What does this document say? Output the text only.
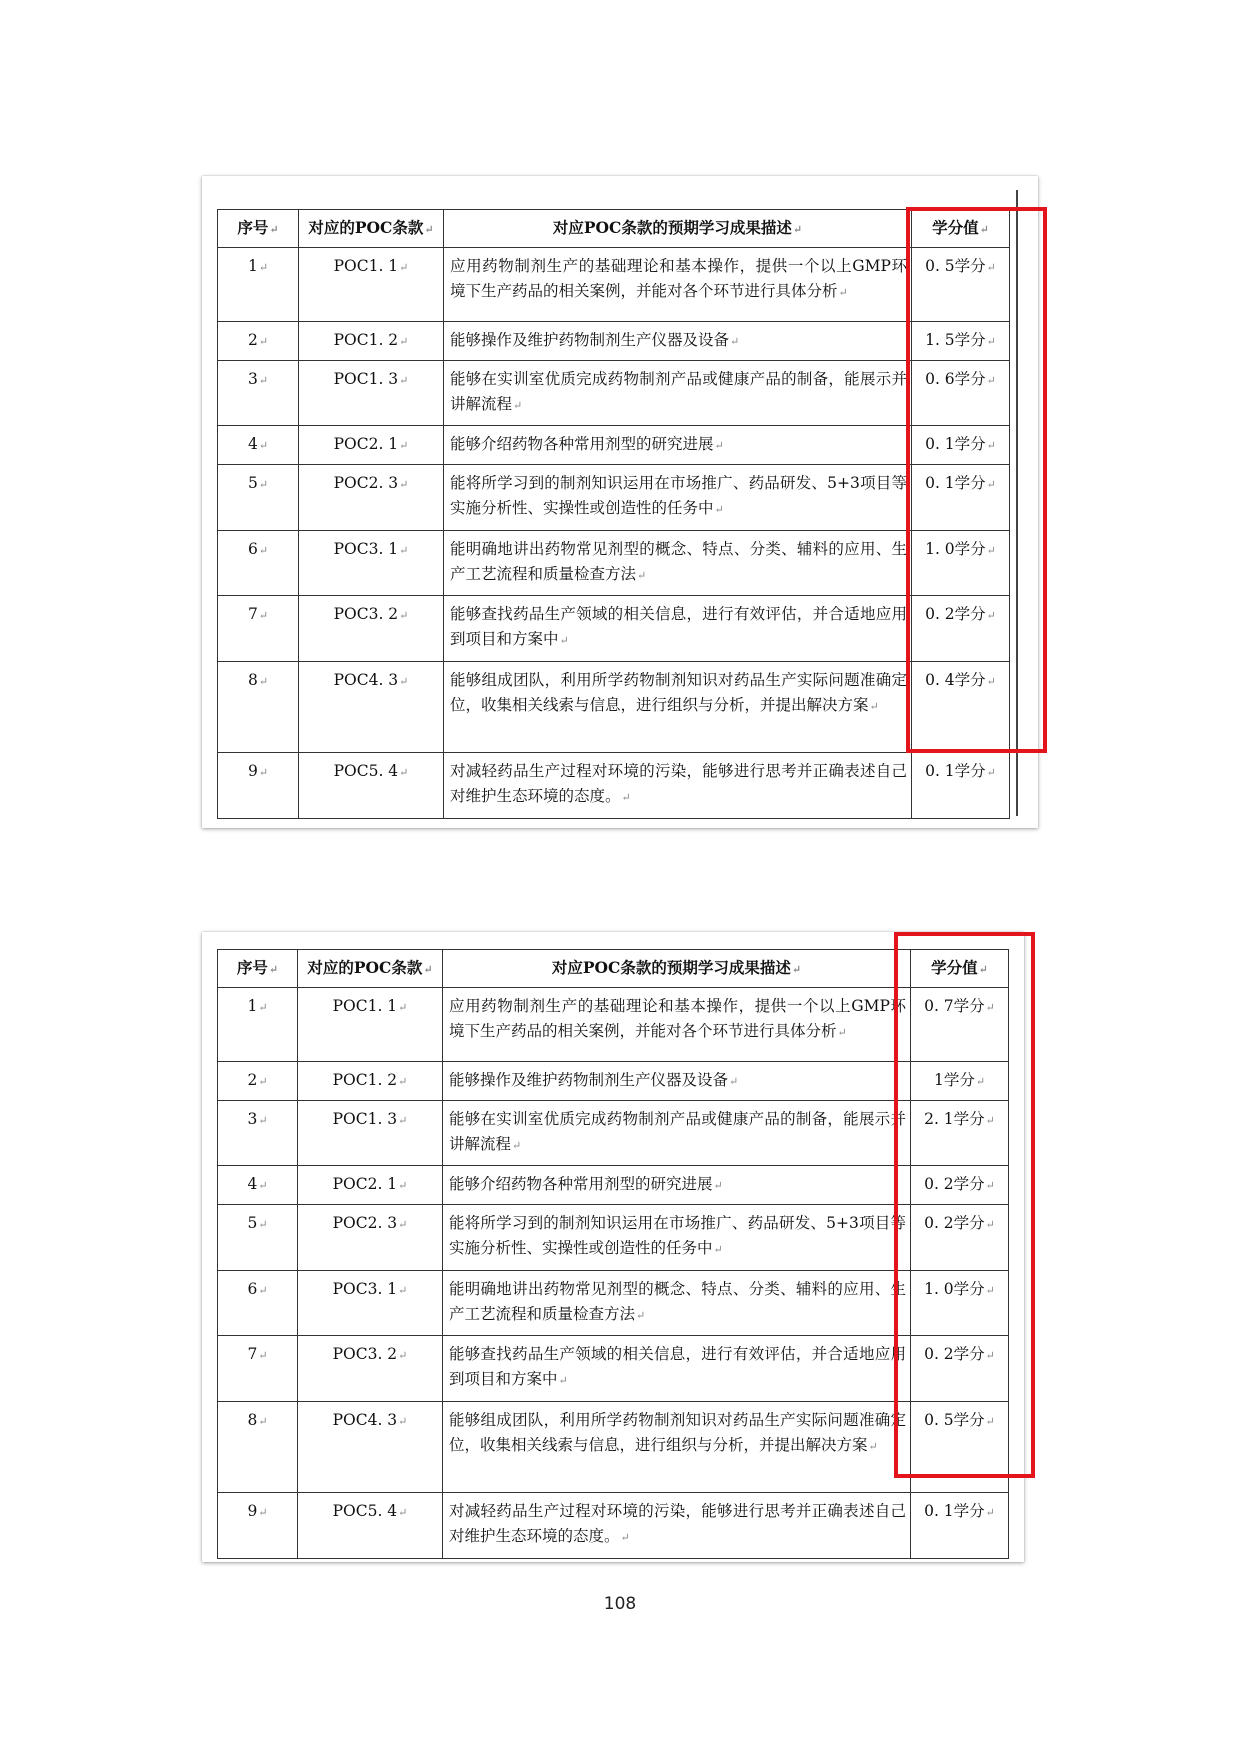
序号↵	对应的POC条款↵	对应POC条款的预期学习成果描述↵	学分值↵
1↵	POC1. 1↵	应用药物制剂生产的基础理论和基本操作，提供一个以上GMP环境下生产药品的相关案例，并能对各个环节进行具体分析↵	0. 5学分↵
2↵	POC1. 2↵	能够操作及维护药物制剂生产仪器及设备↵	1. 5学分↵
3↵	POC1. 3↵	能够在实训室优质完成药物制剂产品或健康产品的制备，能展示并讲解流程↵	0. 6学分↵
4↵	POC2. 1↵	能够介绍药物各种常用剂型的研究进展↵	0. 1学分↵
5↵	POC2. 3↵	能将所学习到的制剂知识运用在市场推广、药品研发、5+3项目等实施分析性、实操性或创造性的任务中↵	0. 1学分↵
6↵	POC3. 1↵	能明确地讲出药物常见剂型的概念、特点、分类、辅料的应用、生产工艺流程和质量检查方法↵	1. 0学分↵
7↵	POC3. 2↵	能够查找药品生产领域的相关信息，进行有效评估，并合适地应用到项目和方案中↵	0. 2学分↵
8↵	POC4. 3↵	能够组成团队，利用所学药物制剂知识对药品生产实际问题准确定位，收集相关线索与信息，进行组织与分析，并提出解决方案↵	0. 4学分↵
9↵	POC5. 4↵	对减轻药品生产过程对环境的污染，能够进行思考并正确表述自己对维护生态环境的态度。↵	0. 1学分↵
序号↵	对应的POC条款↵	对应POC条款的预期学习成果描述↵	学分值↵
1↵	POC1. 1↵	应用药物制剂生产的基础理论和基本操作，提供一个以上GMP环境下生产药品的相关案例，并能对各个环节进行具体分析↵	0. 7学分↵
2↵	POC1. 2↵	能够操作及维护药物制剂生产仪器及设备↵	1学分↵
3↵	POC1. 3↵	能够在实训室优质完成药物制剂产品或健康产品的制备，能展示并讲解流程↵	2. 1学分↵
4↵	POC2. 1↵	能够介绍药物各种常用剂型的研究进展↵	0. 2学分↵
5↵	POC2. 3↵	能将所学习到的制剂知识运用在市场推广、药品研发、5+3项目等实施分析性、实操性或创造性的任务中↵	0. 2学分↵
6↵	POC3. 1↵	能明确地讲出药物常见剂型的概念、特点、分类、辅料的应用、生产工艺流程和质量检查方法↵	1. 0学分↵
7↵	POC3. 2↵	能够查找药品生产领域的相关信息，进行有效评估，并合适地应用到项目和方案中↵	0. 2学分↵
8↵	POC4. 3↵	能够组成团队，利用所学药物制剂知识对药品生产实际问题准确定位，收集相关线索与信息，进行组织与分析，并提出解决方案↵	0. 5学分↵
9↵	POC5. 4↵	对减轻药品生产过程对环境的污染，能够进行思考并正确表述自己对维护生态环境的态度。↵	0. 1学分↵
108
